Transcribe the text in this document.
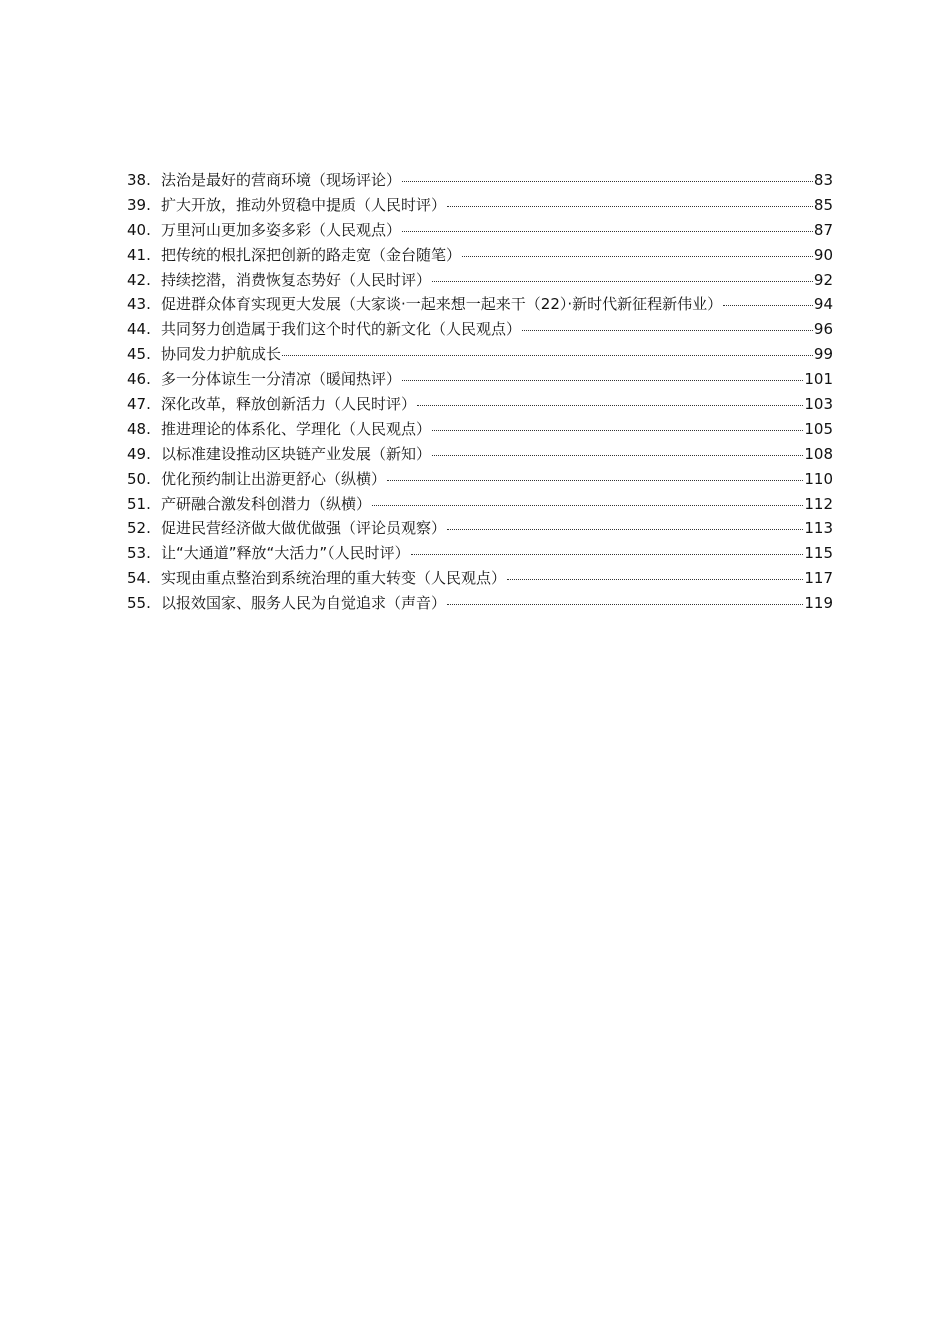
38. 法治是最好的营商环境（现场评论）	83
39. 扩大开放，推动外贸稳中提质（人民时评）	85
40. 万里河山更加多姿多彩（人民观点）	87
41. 把传统的根扎深把创新的路走宽（金台随笔）	90
42. 持续挖潜，消费恢复态势好（人民时评）	92
43. 促进群众体育实现更大发展（大家谈·一起来想一起来干（22）·新时代新征程新伟业）	94
44. 共同努力创造属于我们这个时代的新文化（人民观点）	96
45. 协同发力护航成长	99
46. 多一分体谅生一分清凉（暖闻热评）	101
47. 深化改革，释放创新活力（人民时评）	103
48. 推进理论的体系化、学理化（人民观点）	105
49. 以标准建设推动区块链产业发展（新知）	108
50. 优化预约制让出游更舒心（纵横）	110
51. 产研融合激发科创潜力（纵横）	112
52. 促进民营经济做大做优做强（评论员观察）	113
53. 让“大通道”释放“大活力”（人民时评）	115
54. 实现由重点整治到系统治理的重大转变（人民观点）	117
55. 以报效国家、服务人民为自觉追求（声音）	119
